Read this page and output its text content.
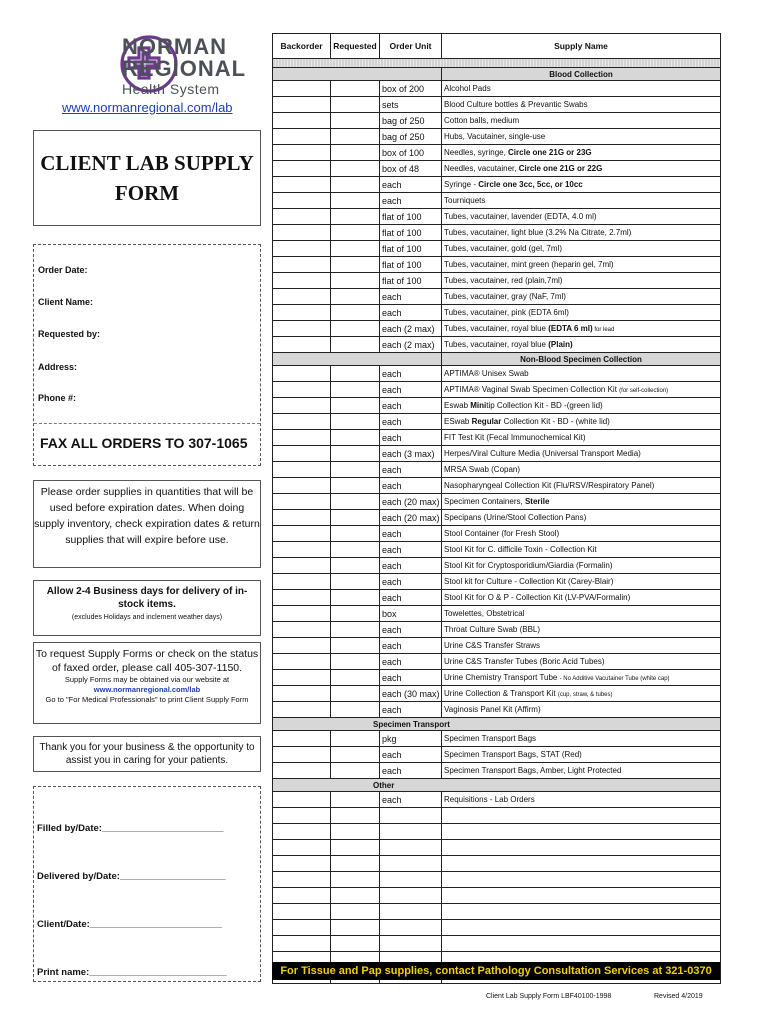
NORMAN
REGIONAL
Health System
www.normanregional.com/lab
CLIENT LAB SUPPLY FORM
Order Date:
Client Name:
Requested by:
Address:
Phone #:
FAX ALL ORDERS TO 307-1065
Please order supplies in quantities that will be used before expiration dates. When doing supply inventory, check expiration dates & return supplies that will expire before use.
Allow 2-4 Business days for delivery of in-stock items.
(excludes Holidays and inclement weather days)
To request Supply Forms or check on the status of faxed order, please call 405-307-1150.
Supply Forms may be obtained via our website at
www.normanregional.com/lab
Go to "For Medical Professionals" to print Client Supply Form
Thank you for your business & the opportunity to assist you in caring for your patients.
Filled by/Date:_______________________
Delivered by/Date:____________________
Client/Date:_________________________
Print name:__________________________
Backorder	Requested	Order Unit	Supply Name

			Blood Collection
		box of 200	Alcohol Pads
		sets	Blood Culture bottles & Prevantic Swabs
		bag of 250	Cotton balls, medium
		bag of 250	Hubs, Vacutainer, single-use
		box of 100	Needles, syringe, Circle one 21G or 23G
		box of 48	Needles, vacutainer, Circle one 21G or 22G
		each	Syringe - Circle one 3cc, 5cc, or 10cc
		each	Tourniquets
		flat of 100	Tubes, vacutainer, lavender (EDTA, 4.0 ml)
		flat of 100	Tubes, vacutainer, light blue (3.2% Na Citrate, 2.7ml)
		flat of 100	Tubes, vacutainer, gold (gel, 7ml)
		flat of 100	Tubes, vacutainer, mint green (heparin gel, 7ml)
		flat of 100	Tubes, vacutainer, red (plain,7ml)
		each	Tubes, vacutainer, gray (NaF, 7ml)
		each	Tubes, vacutainer, pink (EDTA 6ml)
		each (2 max)	Tubes, vacutainer, royal blue (EDTA 6 ml) for lead
		each (2 max)	Tubes, vacutainer, royal blue (Plain)
			Non-Blood Specimen Collection
		each	APTIMA® Unisex Swab
		each	APTIMA® Vaginal Swab Specimen Collection Kit (for self-collection)
		each	Eswab Minitip Collection Kit - BD -(green lid)
		each	ESwab Regular Collection Kit - BD - (white lid)
		each	FIT Test Kit (Fecal Immunochemical Kit)
		each (3 max)	Herpes/Viral Culture Media (Universal Transport Media)
		each	MRSA Swab (Copan)
		each	Nasopharyngeal Collection Kit (Flu/RSV/Respiratory Panel)
		each (20 max)	Specimen Containers, Sterile
		each (20 max)	Specipans (Urine/Stool Collection Pans)
		each	Stool Container (for Fresh Stool)
		each	Stool Kit for C. difficile Toxin - Collection Kit
		each	Stool Kit for Cryptosporidium/Giardia (Formalin)
		each	Stool kit for Culture - Collection Kit (Carey-Blair)
		each	Stool Kit for O & P - Collection Kit (LV-PVA/Formalin)
		box	Towelettes, Obstetrical
		each	Throat Culture Swab (BBL)
		each	Urine C&S Transfer Straws
		each	Urine C&S Transfer Tubes (Boric Acid Tubes)
		each	Urine Chemistry Transport Tube - No Additive Vacutainer Tube (white cap)
		each (30 max)	Urine Collection & Transport Kit (cup, straw, & tubes)
		each	Vaginosis Panel Kit (Affirm)
Specimen Transport			
		pkg	Specimen Transport Bags
		each	Specimen Transport Bags, STAT (Red)
		each	Specimen Transport Bags, Amber, Light Protected
Other			
		each	Requisitions - Lab Orders

For Tissue and Pap supplies, contact Pathology Consultation Services at 321-0370
Client Lab Supply Form LBF40100-1998	Revised 4/2019
